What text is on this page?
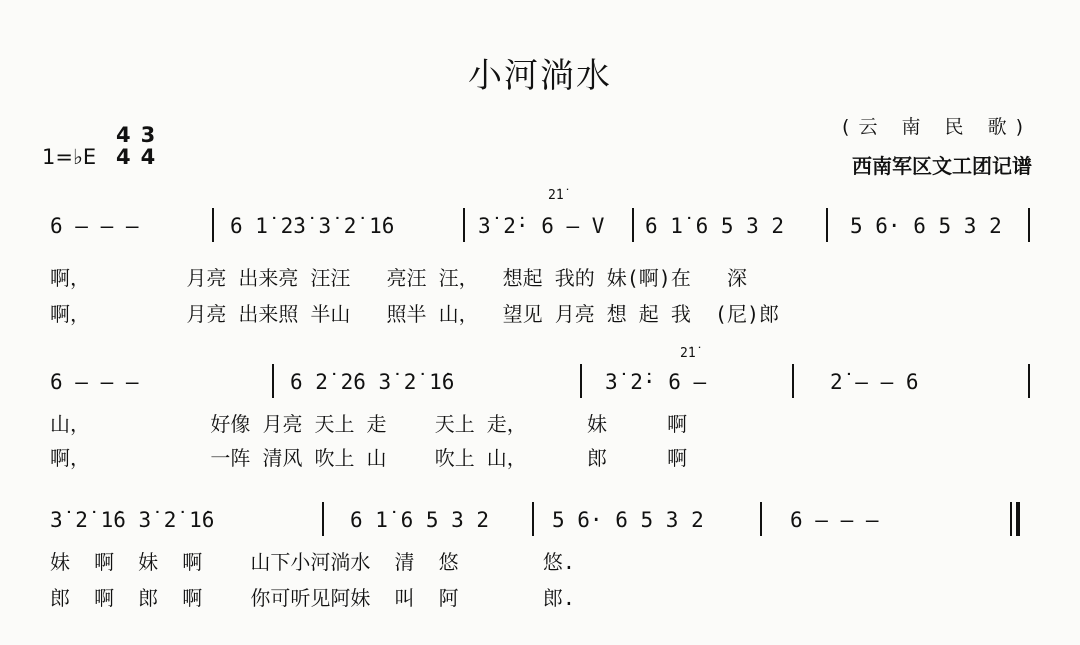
小河淌水
1=♭E
4
4
3
4
(云 南 民 歌)
西南军区文工团记谱
6 — — —	6 1̇ 2̇3̇ 3̇ 2̇ 1̇6	3̇ 2̇· 6 — V 6 1̇ 6 5 3 2	5 6· 6 5 3 2
2̇1̇
啊，        月亮 出来亮 汪汪   亮汪 汪，  想起 我的 妹(啊)在   深
啊，        月亮 出来照 半山   照半 山，  望见 月亮 想 起 我  (尼)郎
6 — — —	6 2̇ 2̇6 3̇ 2̇ 1̇6	3̇ 2̇· 6 —	2̇ — — 6
2̇1̇
山，          好像 月亮 天上 走    天上 走，     妹     啊
啊，          一阵 清风 吹上 山    吹上 山，     郎     啊
3̇ 2̇ 1̇6 3̇ 2̇ 1̇6	6 1̇ 6 5 3 2	5 6· 6 5 3 2	6 — — —
妹  啊  妹  啊    山下小河淌水  清  悠       悠.
郎  啊  郎  啊    你可听见阿妹  叫  阿       郎.
